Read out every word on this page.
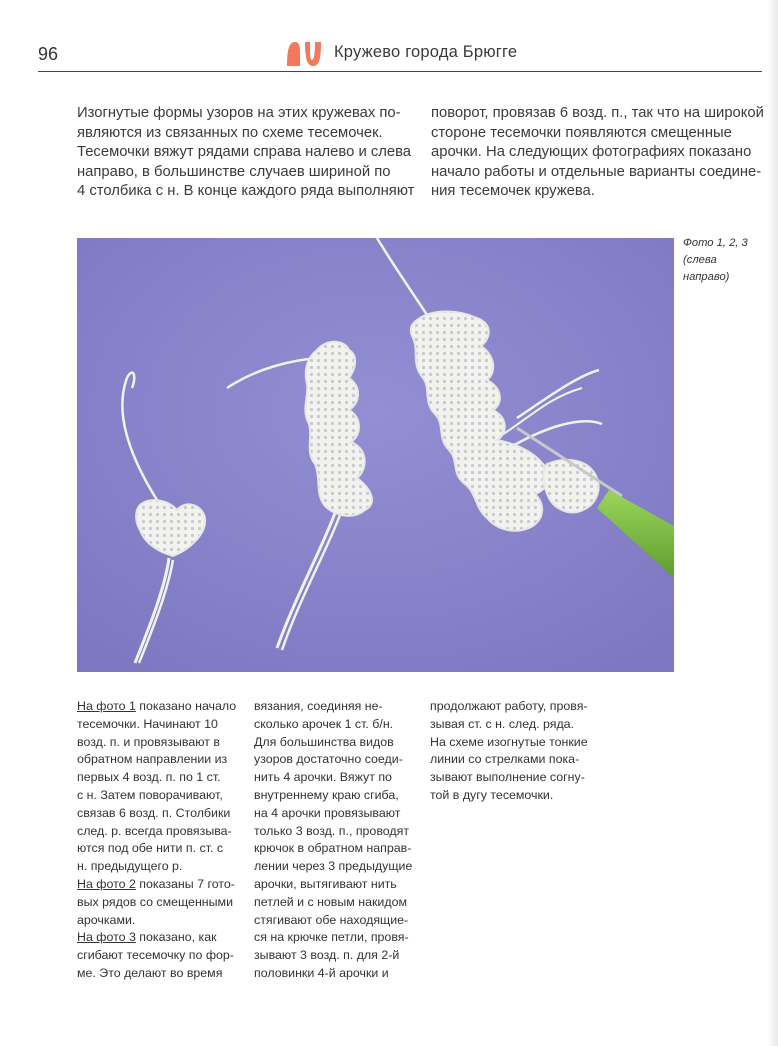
96	Кружево города Брюгге
Изогнутые формы узоров на этих кружевах по-
являются из связанных по схеме тесемочек.
Тесемочки вяжут рядами справа налево и слева
направо, в большинстве случаев шириной по
4 столбика с н. В конце каждого ряда выполняют
поворот, провязав 6 возд. п., так что на широкой
стороне тесемочки появляются смещенные
арочки. На следующих фотографиях показано
начало работы и отдельные варианты соедине-
ния тесемочек кружева.
Фото 1, 2, 3
(слева
направо)
На фото 1 показано начало
тесемочки. Начинают 10
возд. п. и провязывают в
обратном направлении из
первых 4 возд. п. по 1 ст.
с н. Затем поворачивают,
связав 6 возд. п. Столбики
след. р. всегда провязыва-
ются под обе нити п. ст. с
н. предыдущего р.
На фото 2 показаны 7 гото-
вых рядов со смещенными
арочками.
На фото 3 показано, как
сгибают тесемочку по фор-
ме. Это делают во время
вязания, соединяя не-
сколько арочек 1 ст. б/н.
Для большинства видов
узоров достаточно соеди-
нить 4 арочки. Вяжут по
внутреннему краю сгиба,
на 4 арочки провязывают
только 3 возд. п., проводят
крючок в обратном направ-
лении через 3 предыдущие
арочки, вытягивают нить
петлей и с новым накидом
стягивают обе находящие-
ся на крючке петли, провя-
зывают 3 возд. п. для 2-й
половинки 4-й арочки и
продолжают работу, провя-
зывая ст. с н. след. ряда.
На схеме изогнутые тонкие
линии со стрелками пока-
зывают выполнение согну-
той в дугу тесемочки.
